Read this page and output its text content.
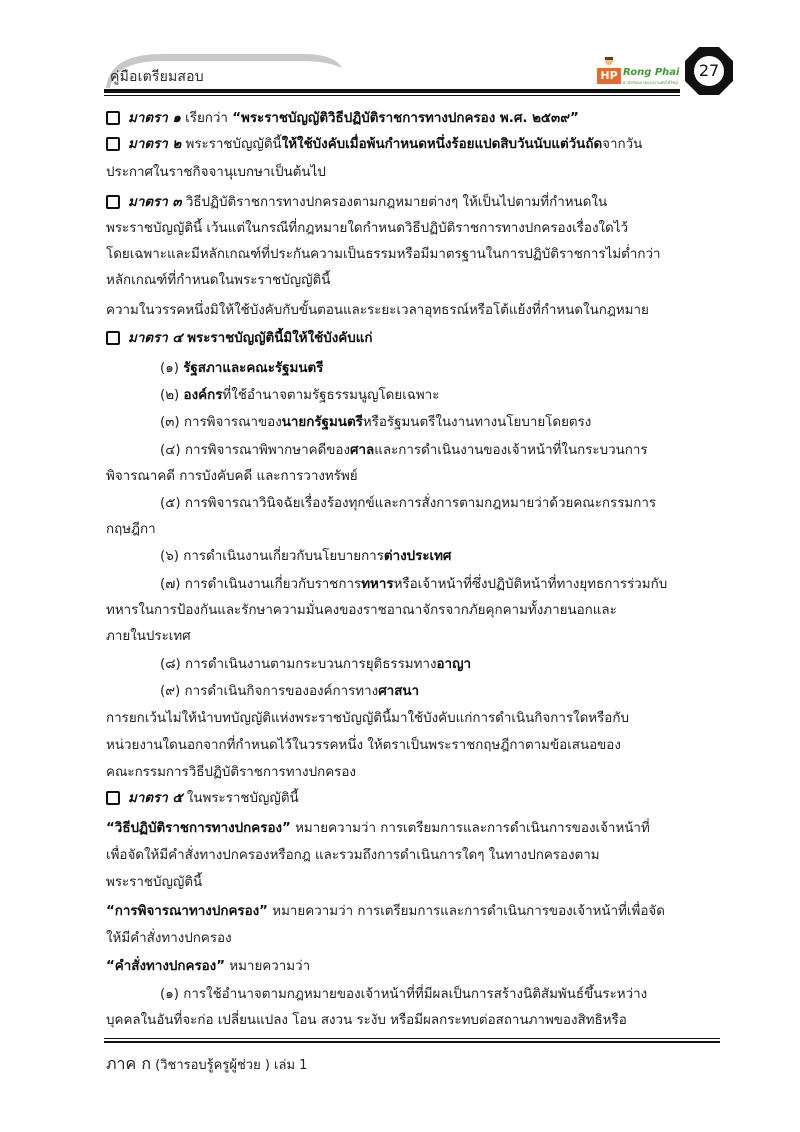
คู่มือเตรียมสอบ	HP Rong Phai
ฝ่าภัยรับตลาดแรงงานฮัดได้ไซน์
27
มาตรา ๑ เรียกว่า “พระราชบัญญัติวิธีปฏิบัติราชการทางปกครอง พ.ศ. ๒๕๓๙”
มาตรา ๒ พระราชบัญญัตินี้ให้ใช้บังคับเมื่อพ้นกำหนดหนึ่งร้อยแปดสิบวันนับแต่วันถัดจากวัน
ประกาศในราชกิจจานุเบกษาเป็นต้นไป
มาตรา ๓ วิธีปฏิบัติราชการทางปกครองตามกฎหมายต่างๆ ให้เป็นไปตามที่กำหนดใน
พระราชบัญญัตินี้ เว้นแต่ในกรณีที่กฎหมายใดกำหนดวิธีปฏิบัติราชการทางปกครองเรื่องใดไว้
โดยเฉพาะและมีหลักเกณฑ์ที่ประกันความเป็นธรรมหรือมีมาตรฐานในการปฏิบัติราชการไม่ต่ำกว่า
หลักเกณฑ์ที่กำหนดในพระราชบัญญัตินี้
ความในวรรคหนึ่งมิให้ใช้บังคับกับขั้นตอนและระยะเวลาอุทธรณ์หรือโต้แย้งที่กำหนดในกฎหมาย
มาตรา ๔ พระราชบัญญัตินี้มิให้ใช้บังคับแก่
(๑) รัฐสภาและคณะรัฐมนตรี
(๒) องค์กรที่ใช้อำนาจตามรัฐธรรมนูญโดยเฉพาะ
(๓) การพิจารณาของนายกรัฐมนตรีหรือรัฐมนตรีในงานทางนโยบายโดยตรง
(๔) การพิจารณาพิพากษาคดีของศาลและการดำเนินงานของเจ้าหน้าที่ในกระบวนการ
พิจารณาคดี การบังคับคดี และการวางทรัพย์
(๕) การพิจารณาวินิจฉัยเรื่องร้องทุกข์และการสั่งการตามกฎหมายว่าด้วยคณะกรรมการ
กฤษฎีกา
(๖) การดำเนินงานเกี่ยวกับนโยบายการต่างประเทศ
(๗) การดำเนินงานเกี่ยวกับราชการทหารหรือเจ้าหน้าที่ซึ่งปฏิบัติหน้าที่ทางยุทธการร่วมกับ
ทหารในการป้องกันและรักษาความมั่นคงของราชอาณาจักรจากภัยคุกคามทั้งภายนอกและ
ภายในประเทศ
(๘) การดำเนินงานตามกระบวนการยุติธรรมทางอาญา
(๙) การดำเนินกิจการขององค์การทางศาสนา
การยกเว้นไม่ให้นำบทบัญญัติแห่งพระราชบัญญัตินี้มาใช้บังคับแก่การดำเนินกิจการใดหรือกับ
หน่วยงานใดนอกจากที่กำหนดไว้ในวรรคหนึ่ง ให้ตราเป็นพระราชกฤษฎีกาตามข้อเสนอของ
คณะกรรมการวิธีปฏิบัติราชการทางปกครอง
มาตรา ๕ ในพระราชบัญญัตินี้
“วิธีปฏิบัติราชการทางปกครอง” หมายความว่า การเตรียมการและการดำเนินการของเจ้าหน้าที่
เพื่อจัดให้มีคำสั่งทางปกครองหรือกฎ และรวมถึงการดำเนินการใดๆ ในทางปกครองตาม
พระราชบัญญัตินี้
“การพิจารณาทางปกครอง” หมายความว่า การเตรียมการและการดำเนินการของเจ้าหน้าที่เพื่อจัด
ให้มีคำสั่งทางปกครอง
“คำสั่งทางปกครอง” หมายความว่า
(๑) การใช้อำนาจตามกฎหมายของเจ้าหน้าที่ที่มีผลเป็นการสร้างนิติสัมพันธ์ขึ้นระหว่าง
บุคคลในอันที่จะก่อ เปลี่ยนแปลง โอน สงวน ระงับ หรือมีผลกระทบต่อสถานภาพของสิทธิหรือ
ภาค ก (วิชารอบรู้ครูผู้ช่วย ) เล่ม 1
